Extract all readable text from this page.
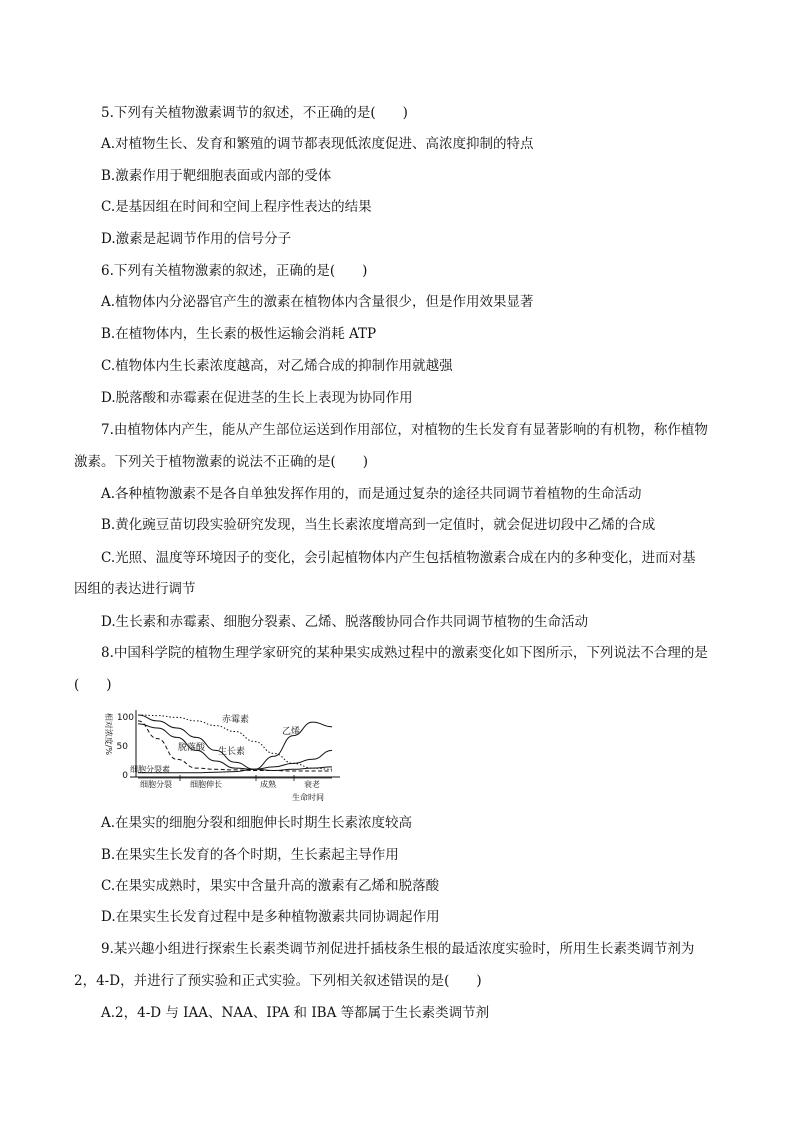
5.下列有关植物激素调节的叙述，不正确的是(　　)
A.对植物生长、发育和繁殖的调节都表现低浓度促进、高浓度抑制的特点
B.激素作用于靶细胞表面或内部的受体
C.是基因组在时间和空间上程序性表达的结果
D.激素是起调节作用的信号分子
6.下列有关植物激素的叙述，正确的是(　　)
A.植物体内分泌器官产生的激素在植物体内含量很少，但是作用效果显著
B.在植物体内，生长素的极性运输会消耗 ATP
C.植物体内生长素浓度越高，对乙烯合成的抑制作用就越强
D.脱落酸和赤霉素在促进茎的生长上表现为协同作用
7.由植物体内产生，能从产生部位运送到作用部位，对植物的生长发育有显著影响的有机物，称作植物
激素。下列关于植物激素的说法不正确的是(　　)
A.各种植物激素不是各自单独发挥作用的，而是通过复杂的途径共同调节着植物的生命活动
B.黄化豌豆苗切段实验研究发现，当生长素浓度增高到一定值时，就会促进切段中乙烯的合成
C.光照、温度等环境因子的变化，会引起植物体内产生包括植物激素合成在内的多种变化，进而对基
因组的表达进行调节
D.生长素和赤霉素、细胞分裂素、乙烯、脱落酸协同合作共同调节植物的生命活动
8.中国科学院的植物生理学家研究的某种果实成熟过程中的激素变化如下图所示，下列说法不合理的是
(　　)
相对浓度/% 100
50
0
赤霉素
乙烯
脱落酸 生长素
细胞分裂素
细胞分裂 细胞伸长	成熟	衰老
生命时间
A.在果实的细胞分裂和细胞伸长时期生长素浓度较高
B.在果实生长发育的各个时期，生长素起主导作用
C.在果实成熟时，果实中含量升高的激素有乙烯和脱落酸
D.在果实生长发育过程中是多种植物激素共同协调起作用
9.某兴趣小组进行探索生长素类调节剂促进扦插枝条生根的最适浓度实验时，所用生长素类调节剂为
2，4-D，并进行了预实验和正式实验。下列相关叙述错误的是(　　)
A.2，4-D 与 IAA、NAA、IPA 和 IBA 等都属于生长素类调节剂
